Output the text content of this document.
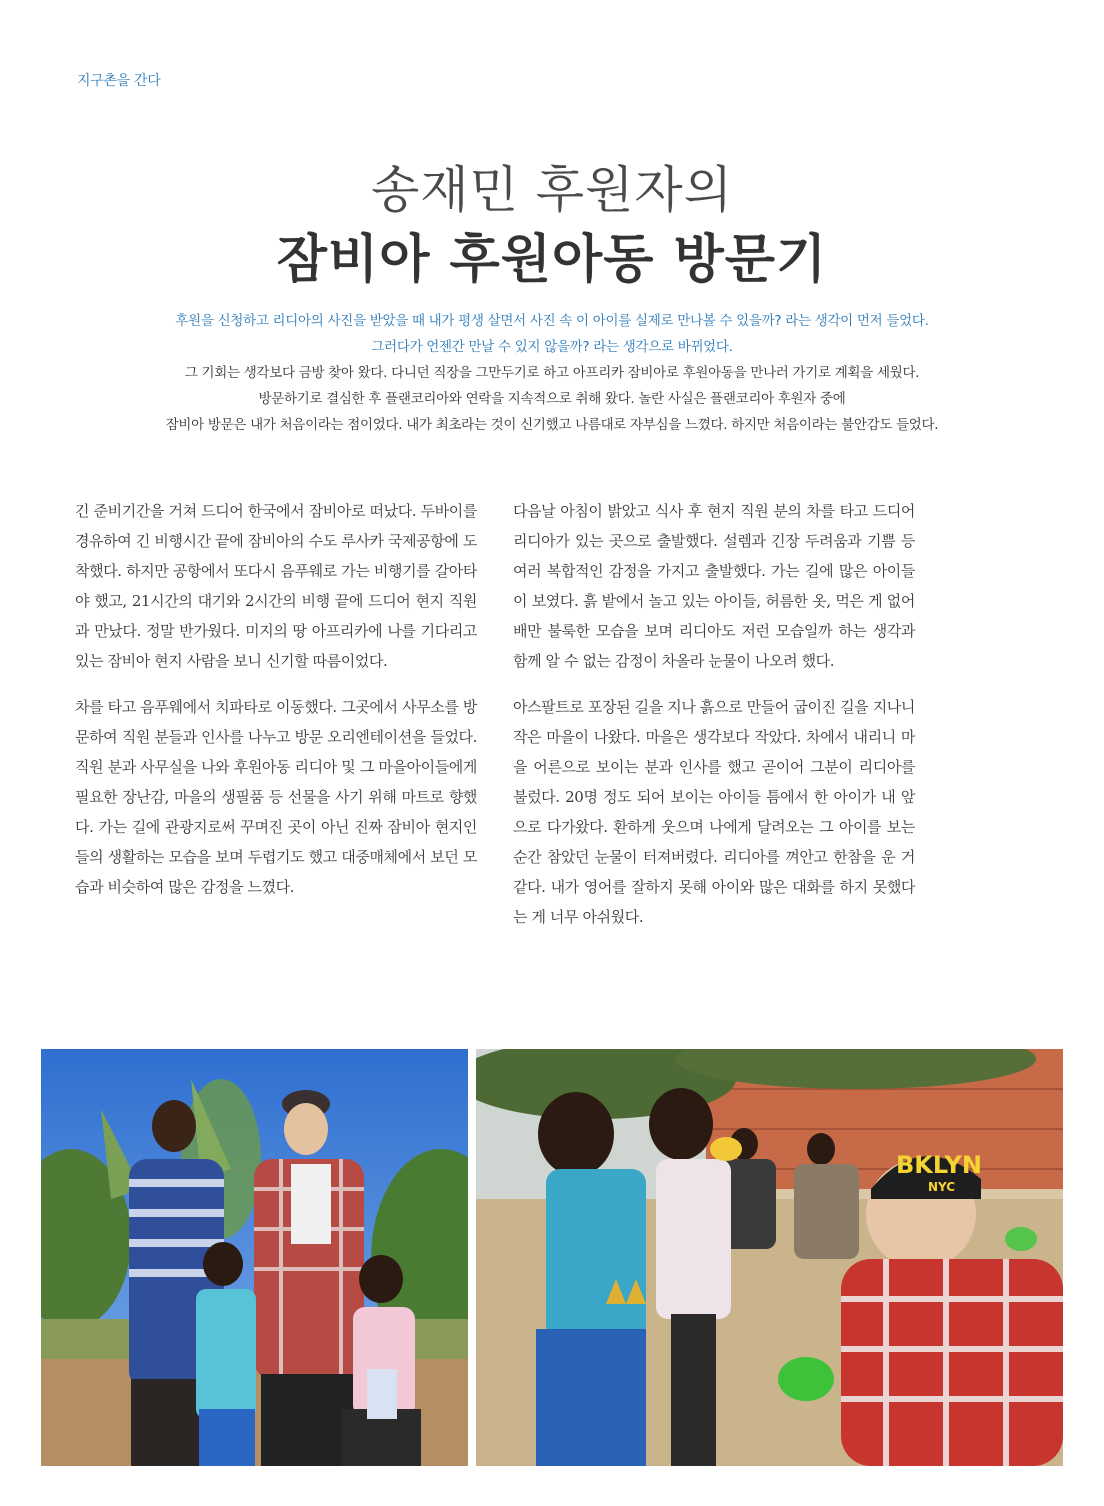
지구촌을 간다
송재민 후원자의
잠비아 후원아동 방문기

후원을 신청하고 리디아의 사진을 받았을 때 내가 평생 살면서 사진 속 이 아이를 실제로 만나볼 수 있을까? 라는 생각이 먼저 들었다.

그러다가 언젠간 만날 수 있지 않을까? 라는 생각으로 바뀌었다.

그 기회는 생각보다 금방 찾아 왔다. 다니던 직장을 그만두기로 하고 아프리카 잠비아로 후원아동을 만나러 가기로 계획을 세웠다.

방문하기로 결심한 후 플랜코리아와 연락을 지속적으로 취해 왔다. 놀란 사실은 플랜코리아 후원자 중에

잠비아 방문은 내가 처음이라는 점이었다. 내가 최초라는 것이 신기했고 나름대로 자부심을 느꼈다. 하지만 처음이라는 불안감도 들었다.

긴 준비기간을 거쳐 드디어 한국에서 잠비아로 떠났다. 두바이를 경유하여 긴 비행시간 끝에 잠비아의 수도 루사카 국제공항에 도착했다. 하지만 공항에서 또다시 음푸웨로 가는 비행기를 갈아타야 했고, 21시간의 대기와 2시간의 비행 끝에 드디어 현지 직원과 만났다. 정말 반가웠다. 미지의 땅 아프리카에 나를 기다리고 있는 잠비아 현지 사람을 보니 신기할 따름이었다.

차를 타고 음푸웨에서 치파타로 이동했다. 그곳에서 사무소를 방문하여 직원 분들과 인사를 나누고 방문 오리엔테이션을 들었다. 직원 분과 사무실을 나와 후원아동 리디아 및 그 마을아이들에게 필요한 장난감, 마을의 생필품 등 선물을 사기 위해 마트로 향했다. 가는 길에 관광지로써 꾸며진 곳이 아닌 진짜 잠비아 현지인들의 생활하는 모습을 보며 두렵기도 했고 대중매체에서 보던 모습과 비슷하여 많은 감정을 느꼈다.

다음날 아침이 밝았고 식사 후 현지 직원 분의 차를 타고 드디어 리디아가 있는 곳으로 출발했다. 설렘과 긴장 두려움과 기쁨 등 여러 복합적인 감정을 가지고 출발했다. 가는 길에 많은 아이들이 보였다. 흙 밭에서 놀고 있는 아이들, 허름한 옷, 먹은 게 없어 배만 불룩한 모습을 보며 리디아도 저런 모습일까 하는 생각과 함께 알 수 없는 감정이 차올라 눈물이 나오려 했다.

아스팔트로 포장된 길을 지나 흙으로 만들어 굽이진 길을 지나니 작은 마을이 나왔다. 마을은 생각보다 작았다. 차에서 내리니 마을 어른으로 보이는 분과 인사를 했고 곧이어 그분이 리디아를 불렀다. 20명 정도 되어 보이는 아이들 틈에서 한 아이가 내 앞으로 다가왔다. 환하게 웃으며 나에게 달려오는 그 아이를 보는 순간 참았던 눈물이 터져버렸다. 리디아를 껴안고 한참을 운 거 같다. 내가 영어를 잘하지 못해 아이와 많은 대화를 하지 못했다는 게 너무 아쉬웠다.

BKLYN
NYC
